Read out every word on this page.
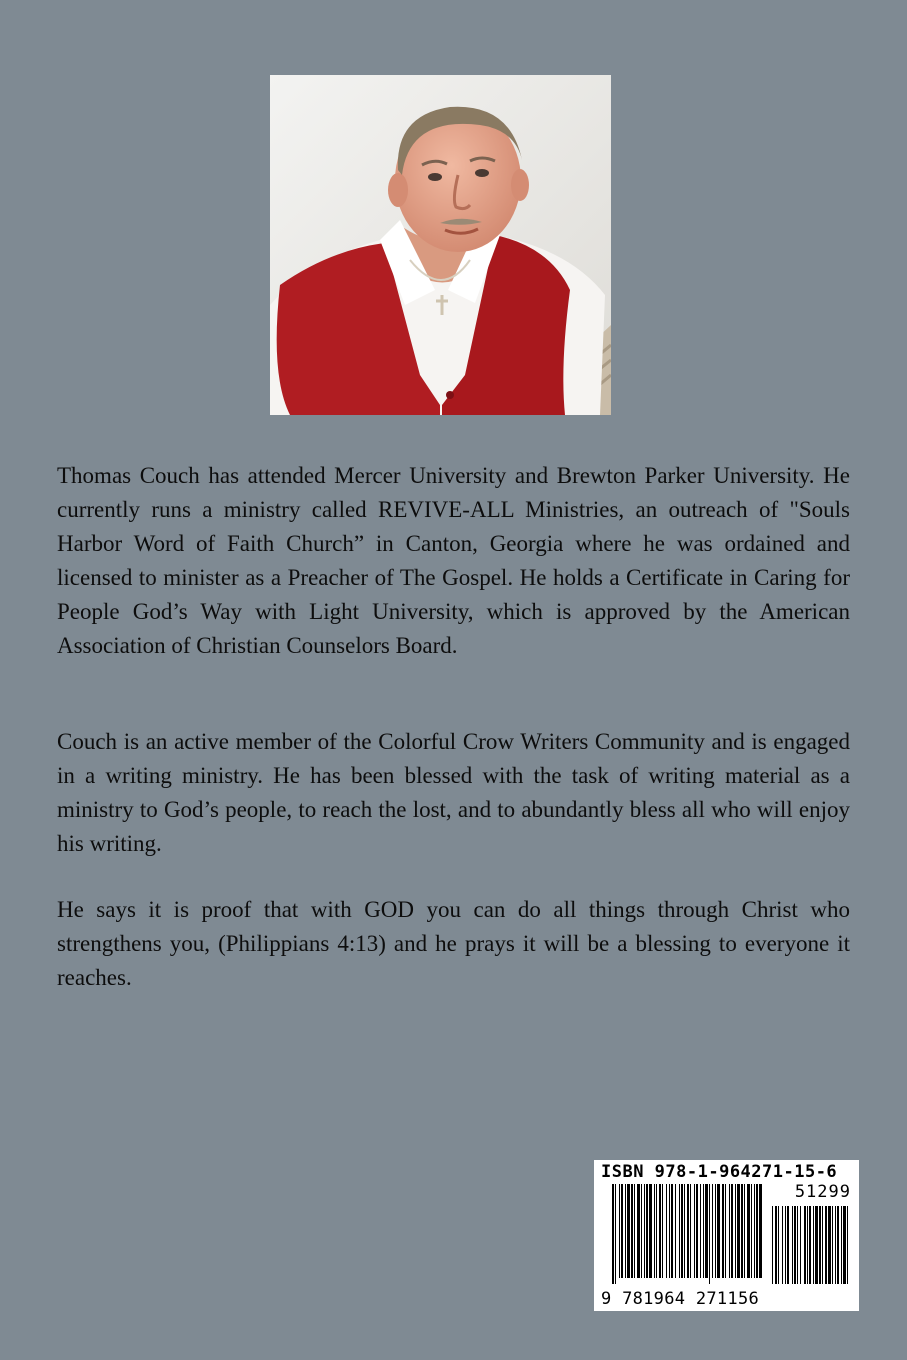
Thomas Couch has attended Mercer University and Brewton Parker University. He currently runs a ministry called REVIVE-ALL Ministries, an outreach of "Souls Harbor Word of Faith Church” in Canton, Georgia where he was ordained and licensed to minister as a Preacher of The Gospel. He holds a Certificate in Caring for People God’s Way with Light University, which is approved by the American Association of Christian Counselors Board.

Couch is an active member of the Colorful Crow Writers Community and is engaged in a writing ministry. He has been blessed with the task of writing material as a ministry to God’s people, to reach the lost, and to abundantly bless all who will enjoy his writing.

He says it is proof that with GOD you can do all things through Christ who strengthens you, (Philippians 4:13) and he prays it will be a blessing to everyone it reaches.

ISBN 978-1-964271-15-6
51299
9 781964 271156
